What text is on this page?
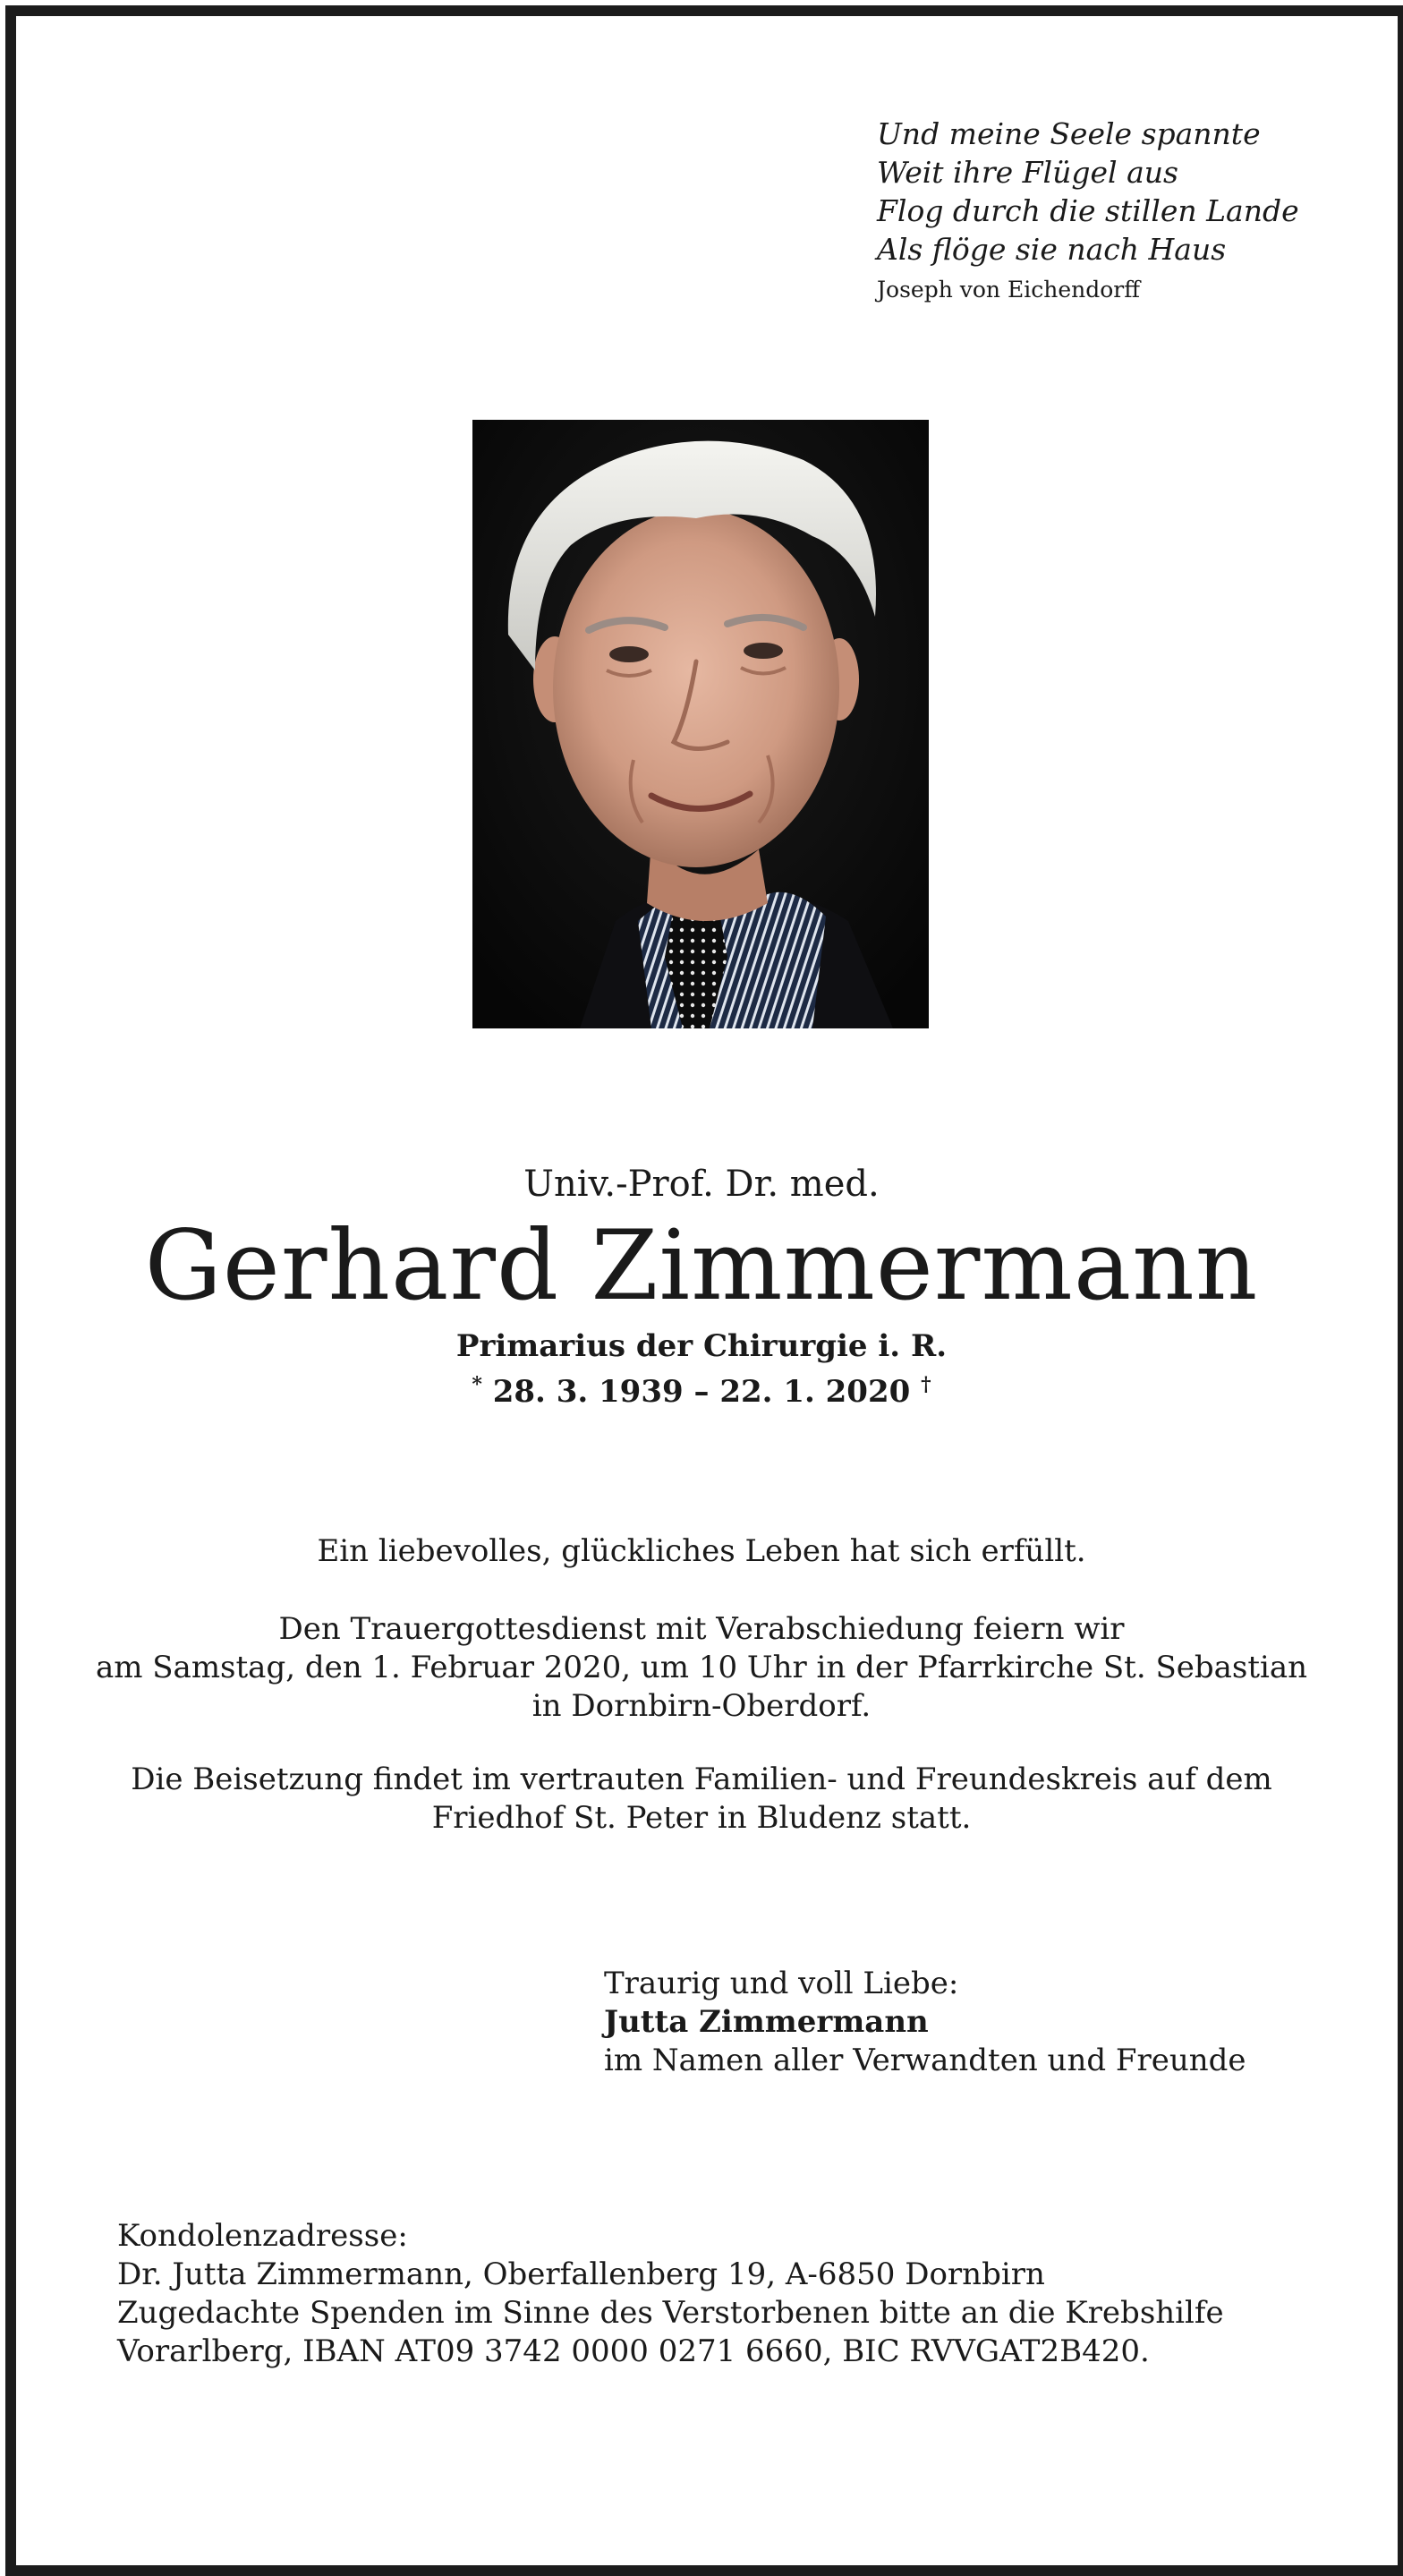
Und meine Seele spannte
Weit ihre Flügel aus
Flog durch die stillen Lande
Als flöge sie nach Haus
Joseph von Eichendorff
Univ.-Prof. Dr. med.
Gerhard Zimmermann
Primarius der Chirurgie i. R.
* 28. 3. 1939 – 22. 1. 2020 †
Ein liebevolles, glückliches Leben hat sich erfüllt.
Den Trauergottesdienst mit Verabschiedung feiern wir
am Samstag, den 1. Februar 2020, um 10 Uhr in der Pfarrkirche St. Sebastian
in Dornbirn-Oberdorf.
Die Beisetzung findet im vertrauten Familien- und Freundeskreis auf dem
Friedhof St. Peter in Bludenz statt.
Traurig und voll Liebe:
Jutta Zimmermann
im Namen aller Verwandten und Freunde
Kondolenzadresse:
Dr. Jutta Zimmermann, Oberfallenberg 19, A-6850 Dornbirn
Zugedachte Spenden im Sinne des Verstorbenen bitte an die Krebshilfe
Vorarlberg, IBAN AT09 3742 0000 0271 6660, BIC RVVGAT2B420.
